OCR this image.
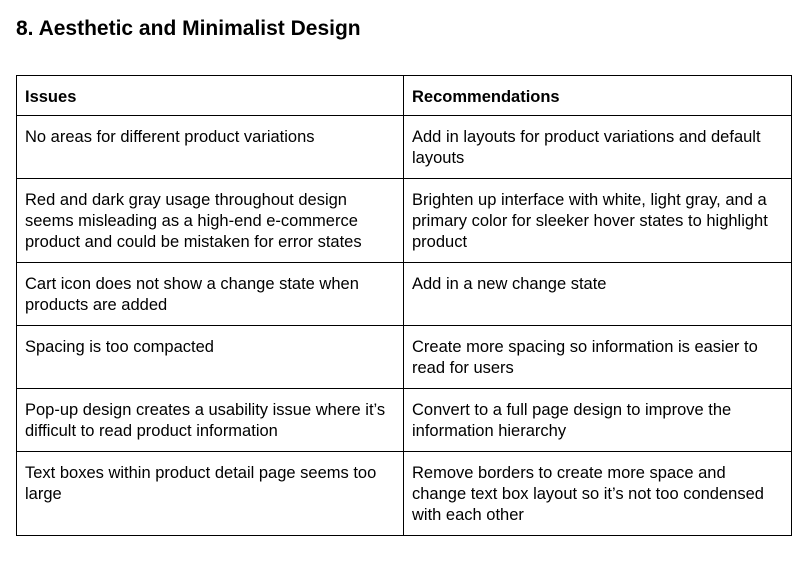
8. Aesthetic and Minimalist Design
Issues	Recommendations
No areas for different product variations	Add in layouts for product variations and default layouts
Red and dark gray usage throughout design seems misleading as a high-end e-commerce product and could be mistaken for error states	Brighten up interface with white, light gray, and a primary color for sleeker hover states to highlight product
Cart icon does not show a change state when products are added	Add in a new change state
Spacing is too compacted	Create more spacing so information is easier to read for users
Pop-up design creates a usability issue where it’s difficult to read product information	Convert to a full page design to improve the information hierarchy
Text boxes within product detail page seems too large	Remove borders to create more space and change text box layout so it’s not too condensed with each other
